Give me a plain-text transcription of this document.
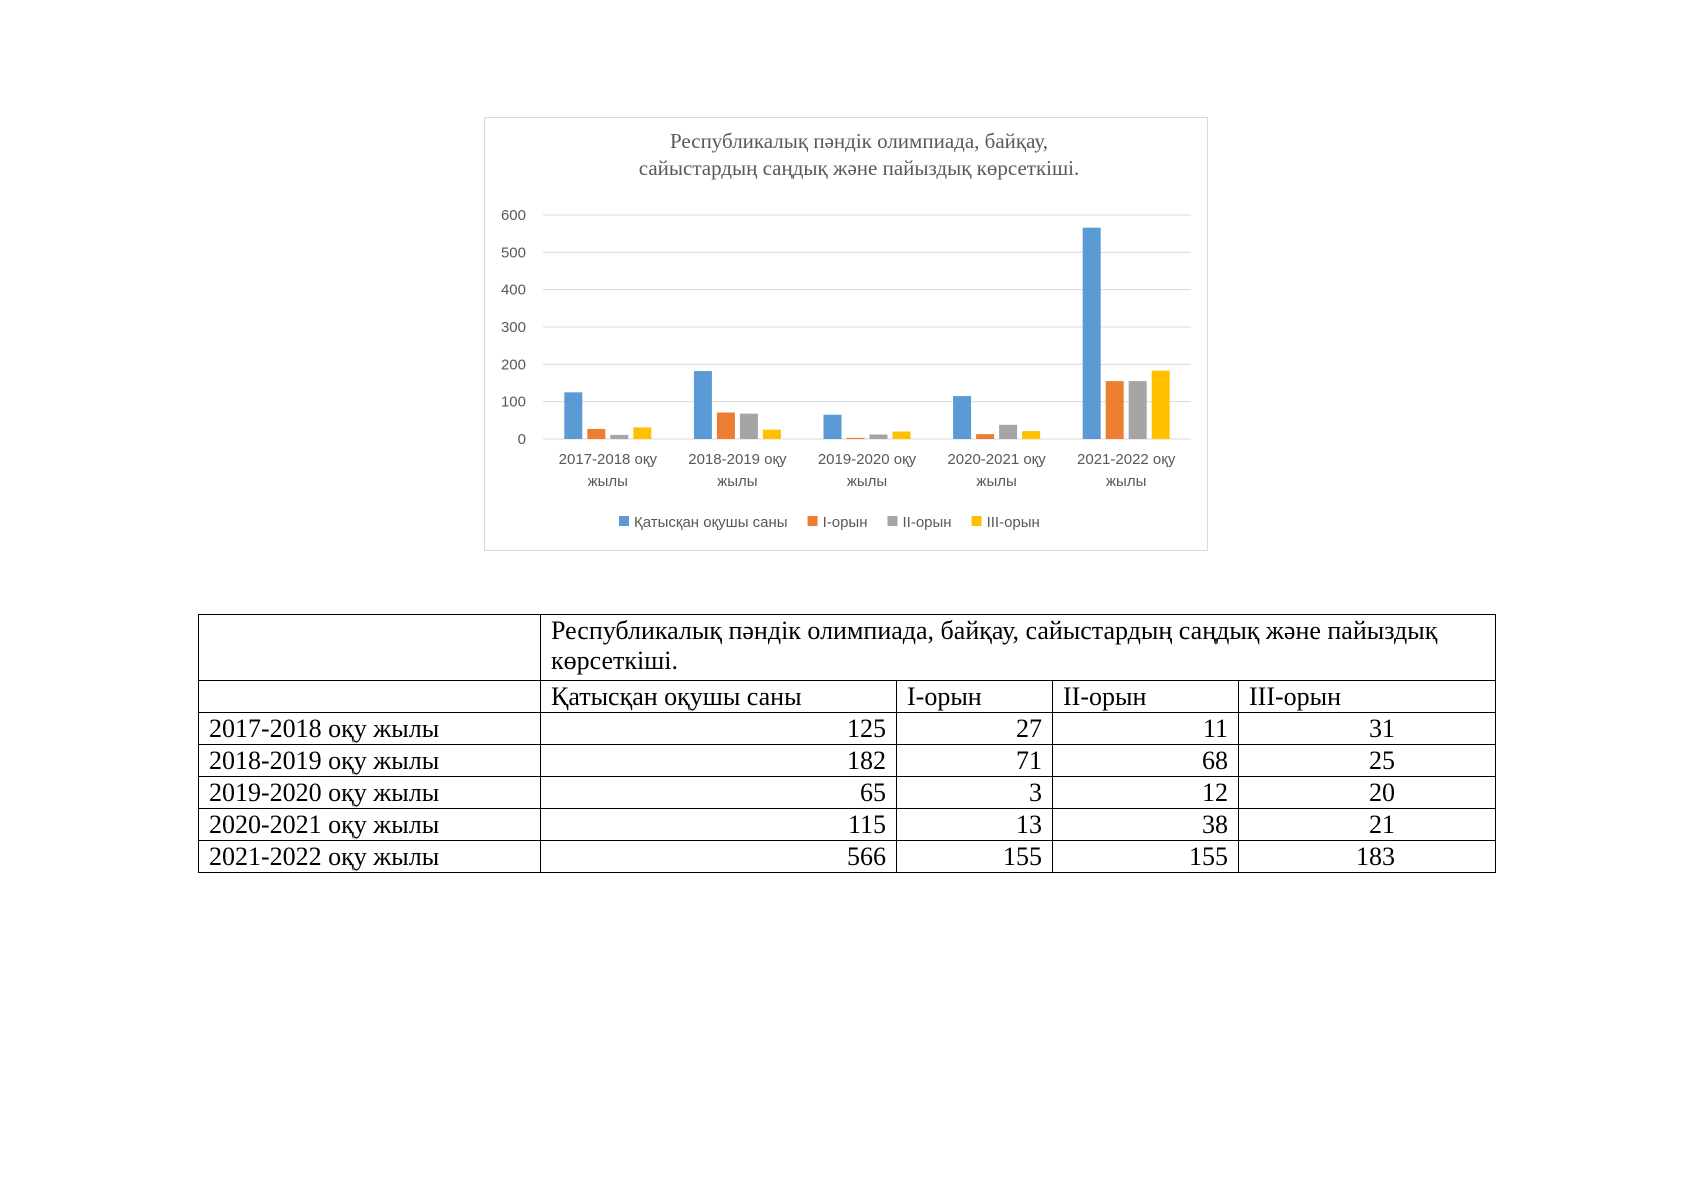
Республикалық пәндік олимпиада, байқау,
сайыстардың саңдық және пайыздық көрсеткіші.
0
100
200
300
400
500
600
2017-2018 оқу
жылы
2018-2019 оқу
жылы
2019-2020 оқу
жылы
2020-2021 оқу
жылы
2021-2022 оқу
жылы
Қатысқан оқушы саны І-орын ІІ-орын ІІІ-орын
	Республикалық пәндік олимпиада, байқау, сайыстардың саңдық және пайыздық көрсеткіші.			
	Қатысқан оқушы саны	І-орын	ІІ-орын	ІІІ-орын
2017-2018 оқу жылы	125	27	11	31
2018-2019 оқу жылы	182	71	68	25
2019-2020 оқу жылы	65	3	12	20
2020-2021 оқу жылы	115	13	38	21
2021-2022 оқу жылы	566	155	155	183
